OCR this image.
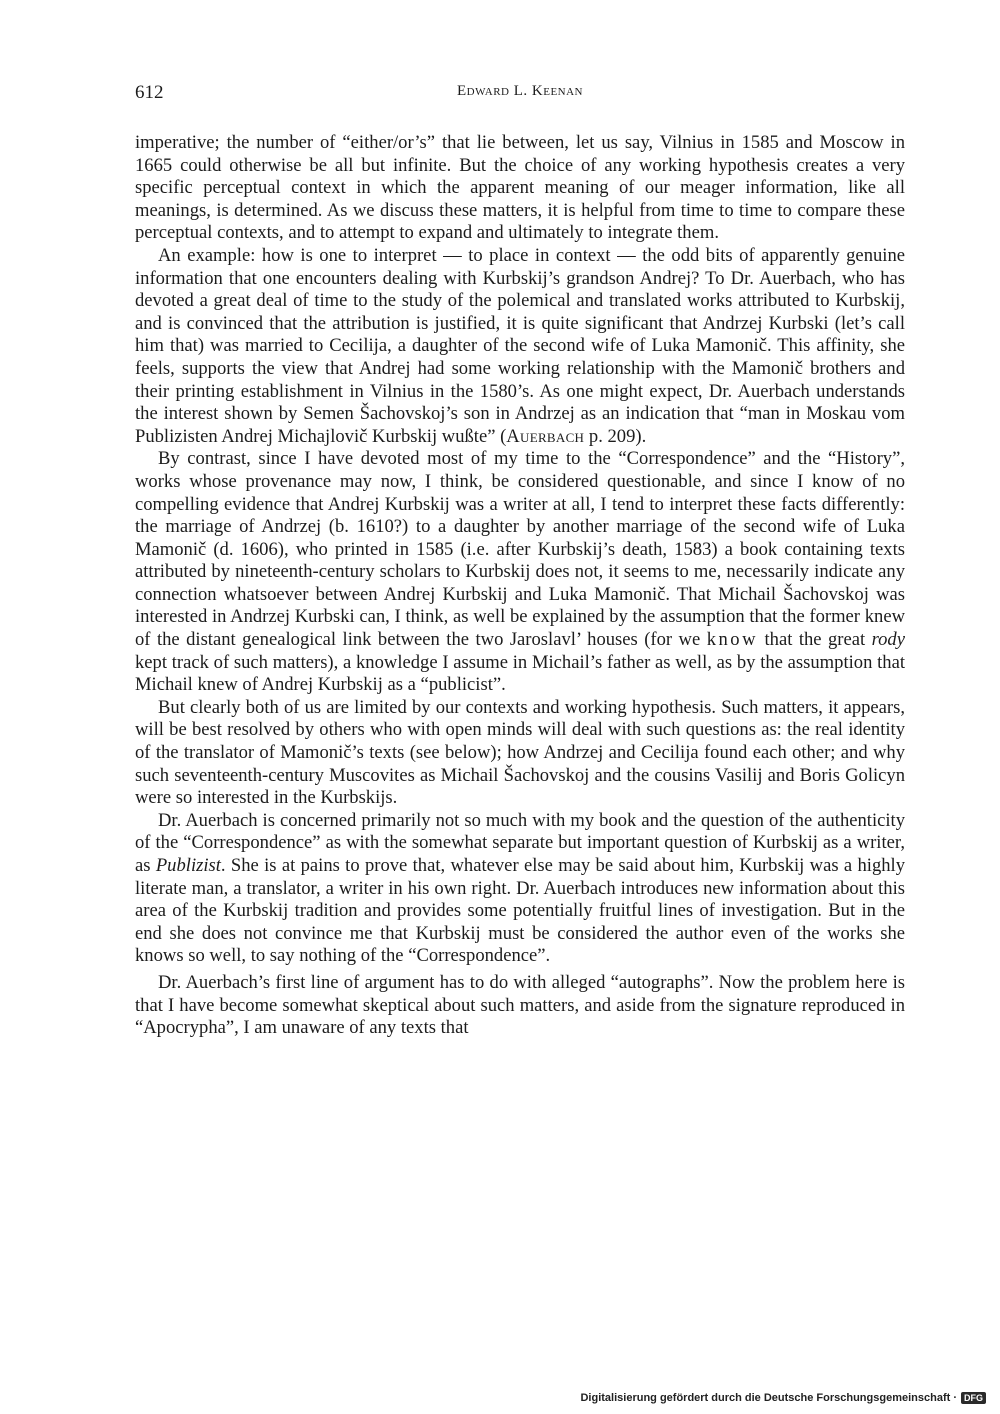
612	Edward L. Keenan

imperative; the number of “either/or’s” that lie between, let us say, Vilnius in 1585 and Moscow in 1665 could otherwise be all but infinite. But the choice of any working hypothesis creates a very specific perceptual context in which the apparent meaning of our meager information, like all meanings, is determined. As we discuss these matters, it is helpful from time to time to compare these perceptual contexts, and to attempt to expand and ultimately to integrate them.

An example: how is one to interpret — to place in context — the odd bits of apparently genuine information that one encounters dealing with Kurbskij’s grandson Andrej? To Dr. Auerbach, who has devoted a great deal of time to the study of the polemical and translated works attributed to Kurbskij, and is convinced that the attribution is justified, it is quite significant that Andrzej Kurbski (let’s call him that) was married to Cecilija, a daughter of the second wife of Luka Mamonič. This affinity, she feels, supports the view that Andrej had some working relationship with the Mamonič brothers and their printing establishment in Vilnius in the 1580’s. As one might expect, Dr. Auerbach understands the interest shown by Semen Šachovskoj’s son in Andrzej as an indication that “man in Moskau vom Publizisten Andrej Michajlovič Kurbskij wußte” (Auerbach p. 209).

By contrast, since I have devoted most of my time to the “Correspondence” and the “History”, works whose provenance may now, I think, be considered questionable, and since I know of no compelling evidence that Andrej Kurbskij was a writer at all, I tend to interpret these facts differently: the marriage of Andrzej (b. 1610?) to a daughter by another marriage of the second wife of Luka Mamonič (d. 1606), who printed in 1585 (i.e. after Kurbskij’s death, 1583) a book containing texts attributed by nineteenth-century scholars to Kurbskij does not, it seems to me, necessarily indicate any connection whatsoever between Andrej Kurbskij and Luka Mamonič. That Michail Šachovskoj was interested in Andrzej Kurbski can, I think, as well be explained by the assumption that the former knew of the distant genealogical link between the two Jaroslavl’ houses (for we know that the great rody kept track of such matters), a knowledge I assume in Michail’s father as well, as by the assumption that Michail knew of Andrej Kurbskij as a “publicist”.

But clearly both of us are limited by our contexts and working hypothesis. Such matters, it appears, will be best resolved by others who with open minds will deal with such questions as: the real identity of the translator of Mamonič’s texts (see below); how Andrzej and Cecilija found each other; and why such seventeenth-century Muscovites as Michail Šachovskoj and the cousins Vasilij and Boris Golicyn were so interested in the Kurbskijs.

Dr. Auerbach is concerned primarily not so much with my book and the question of the authenticity of the “Correspondence” as with the somewhat separate but important question of Kurbskij as a writer, as Publizist. She is at pains to prove that, whatever else may be said about him, Kurbskij was a highly literate man, a translator, a writer in his own right. Dr. Auerbach introduces new information about this area of the Kurbskij tradition and provides some potentially fruitful lines of investigation. But in the end she does not convince me that Kurbskij must be considered the author even of the works she knows so well, to say nothing of the “Correspondence”.

Dr. Auerbach’s first line of argument has to do with alleged “autographs”. Now the problem here is that I have become somewhat skeptical about such matters, and aside from the signature reproduced in “Apocrypha”, I am unaware of any texts that

Digitalisierung gefördert durch die Deutsche Forschungsgemeinschaft · DFG
